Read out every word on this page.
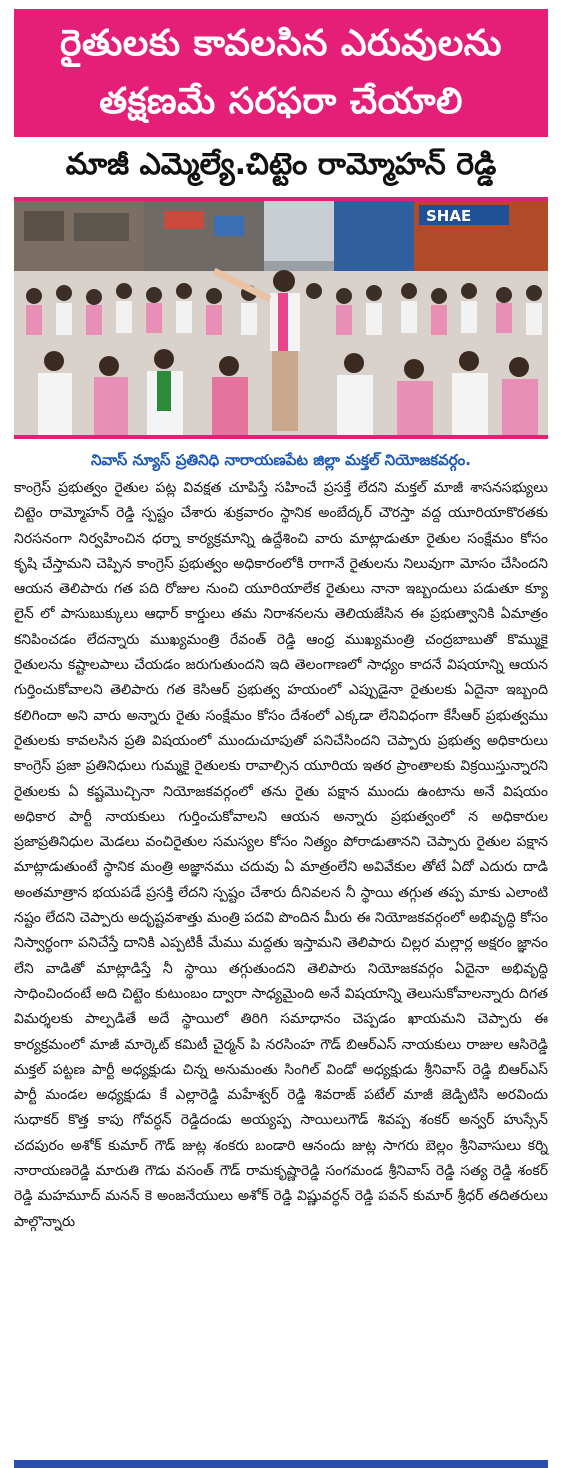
రైతులకు కావలసిన ఎరువులను
తక్షణమే సరఫరా చేయాలి
మాజీ ఎమ్మెల్యే.చిట్టెం రామ్మోహన్ రెడ్డి
SHAE
నివాస్ న్యూస్ ప్రతినిధి నారాయణపేట జిల్లా మక్తల్ నియోజకవర్గం.
కాంగ్రెస్ ప్రభుత్వం రైతుల పట్ల వివక్షత చూపిస్తే సహించే ప్రసక్తే లేదని మక్తల్ మాజీ శాసనసభ్యులు చిట్టెం రామ్మోహన్ రెడ్డి స్పష్టం చేశారు శుక్రవారం స్థానిక అంబేద్కర్ చౌరస్తా వద్ద యూరియాకొరతకు నిరసనంగా నిర్వహించిన ధర్నా కార్యక్రమాన్ని ఉద్దేశించి వారు మాట్లాడుతూ రైతుల సంక్షేమం కోసం కృషి చేస్తామని చెప్పిన కాంగ్రెస్ ప్రభుత్వం అధికారంలోకి రాగానే రైతులను నిలువుగా మోసం చేసిందని ఆయన తెలిపారు గత పది రోజుల నుంచి యూరియాలేక రైతులు నానా ఇబ్బందులు పడుతూ క్యూ లైన్ లో పాసుబుక్కులు ఆధార్ కార్డులు తమ నిరాశనలను తెలియజేసిన ఈ ప్రభుత్వానికి ఏమాత్రం కనిపించడం లేదన్నారు ముఖ్యమంత్రి రేవంత్ రెడ్డి ఆంధ్ర ముఖ్యమంత్రి చంద్రబాబుతో కొమ్ముకై రైతులను కష్టాలపాలు చేయడం జరుగుతుందని ఇది తెలంగాణలో సాధ్యం కాదనే విషయాన్ని ఆయన గుర్తించుకోవాలని తెలిపారు గత కెసిఆర్ ప్రభుత్వ హయంలో ఎప్పుడైనా రైతులకు ఏదైనా ఇబ్బంది కలిగిందా అని వారు అన్నారు రైతు సంక్షేమం కోసం దేశంలో ఎక్కడా లేనివిధంగా కేసీఆర్ ప్రభుత్వము రైతులకు కావలసిన ప్రతి విషయంలో ముందుచూపుతో పనిచేసిందని చెప్పారు ప్రభుత్వ అధికారులు కాంగ్రెస్ ప్రజా ప్రతినిధులు గుమ్మకై రైతులకు రావాల్సిన యూరియ ఇతర ప్రాంతాలకు విక్రయిస్తున్నారని రైతులకు ఏ కష్టమొచ్చినా నియోజకవర్గంలో తను రైతు పక్షాన ముందు ఉంటాను అనే విషయం అధికార పార్టీ నాయకులు గుర్తించుకోవాలని ఆయన అన్నారు ప్రభుత్వంలో న అధికారుల ప్రజాప్రతినిధుల మెడలు వంచిరైతుల సమస్యల కోసం నిత్యం పోరాడుతానని చెప్పారు రైతుల పక్షాన మాట్లాడుతుంటే స్థానిక మంత్రి అజ్ఞానము చదువు ఏ మాత్రంలేని అవివేకుల తోటే ఏదో ఎదురు దాడి అంతమాత్రాన భయపడే ప్రసక్తి లేదని స్పష్టం చేశారు దీనివలన నీ స్థాయి తగ్గుత తప్ప మాకు ఎలాంటి నష్టం లేదని చెప్పారు అదృష్టవశాత్తు మంత్రి పదవి పొందిన మీరు ఈ నియోజకవర్గంలో అభివృద్ధి కోసం నిస్వార్థంగా పనిచేస్తే దానికి ఎప్పటికీ మేము మద్దతు ఇస్తామని తెలిపారు చిల్లర మల్లార్ల అక్షరం జ్ఞానం లేని వాడితో మాట్లాడిస్తే నీ స్థాయి తగ్గుతుందని తెలిపారు నియోజకవర్గం ఏదైనా అభివృద్ధి సాధించిందంటే అది చిట్టెం కుటుంబం ద్వారా సాధ్యమైంది అనే విషయాన్ని తెలుసుకోవాలన్నారు దిగత విమర్శలకు పాల్పడితే అదే స్థాయిలో తిరిగి సమాధానం చెప్పడం ఖాయమని చెప్పారు ఈ కార్యక్రమంలో మాజీ మార్కెట్ కమిటీ చైర్మన్ పి నరసింహ గౌడ్ బిఆర్ఎస్ నాయకులు రాజుల ఆసిరెడ్డి మక్తల్ పట్టణ పార్టీ అధ్యక్షుడు చిన్న అనుమంతు సింగిల్ విండో అధ్యక్షుడు శ్రీనివాస్ రెడ్డి బిఆర్ఎస్ పార్టీ మండల అధ్యక్షుడు కే ఎల్లారెడ్డి మహేశ్వర్ రెడ్డి శివరాజ్ పటేల్ మాజీ జెడ్పిటిసి అరవిందు సుధాకర్ కొత్త కాపు గోవర్ధన్ రెడ్డిదండు అయ్యప్ప సాయిలుగౌడ్ శివప్ప శంకర్ అన్వర్ హుస్సేన్ చదపురం అశోక్ కుమార్ గౌడ్ జుట్ల శంకరు బండారి ఆనందు జుట్ల సాగరు బెల్లం శ్రీనివాసులు కర్ని నారాయణరెడ్డి మారుతి గౌడు వసంత్ గౌడ్ రామకృష్ణారెడ్డి సంగమండ శ్రీనివాస్ రెడ్డి సత్య రెడ్డి శంకర్ రెడ్డి మహమూద్ మనన్ కె అంజనేయులు అశోక్ రెడ్డి విష్ణువర్ధన్ రెడ్డి పవన్ కుమార్ శ్రీధర్ తదితరులు పాల్గొన్నారు
